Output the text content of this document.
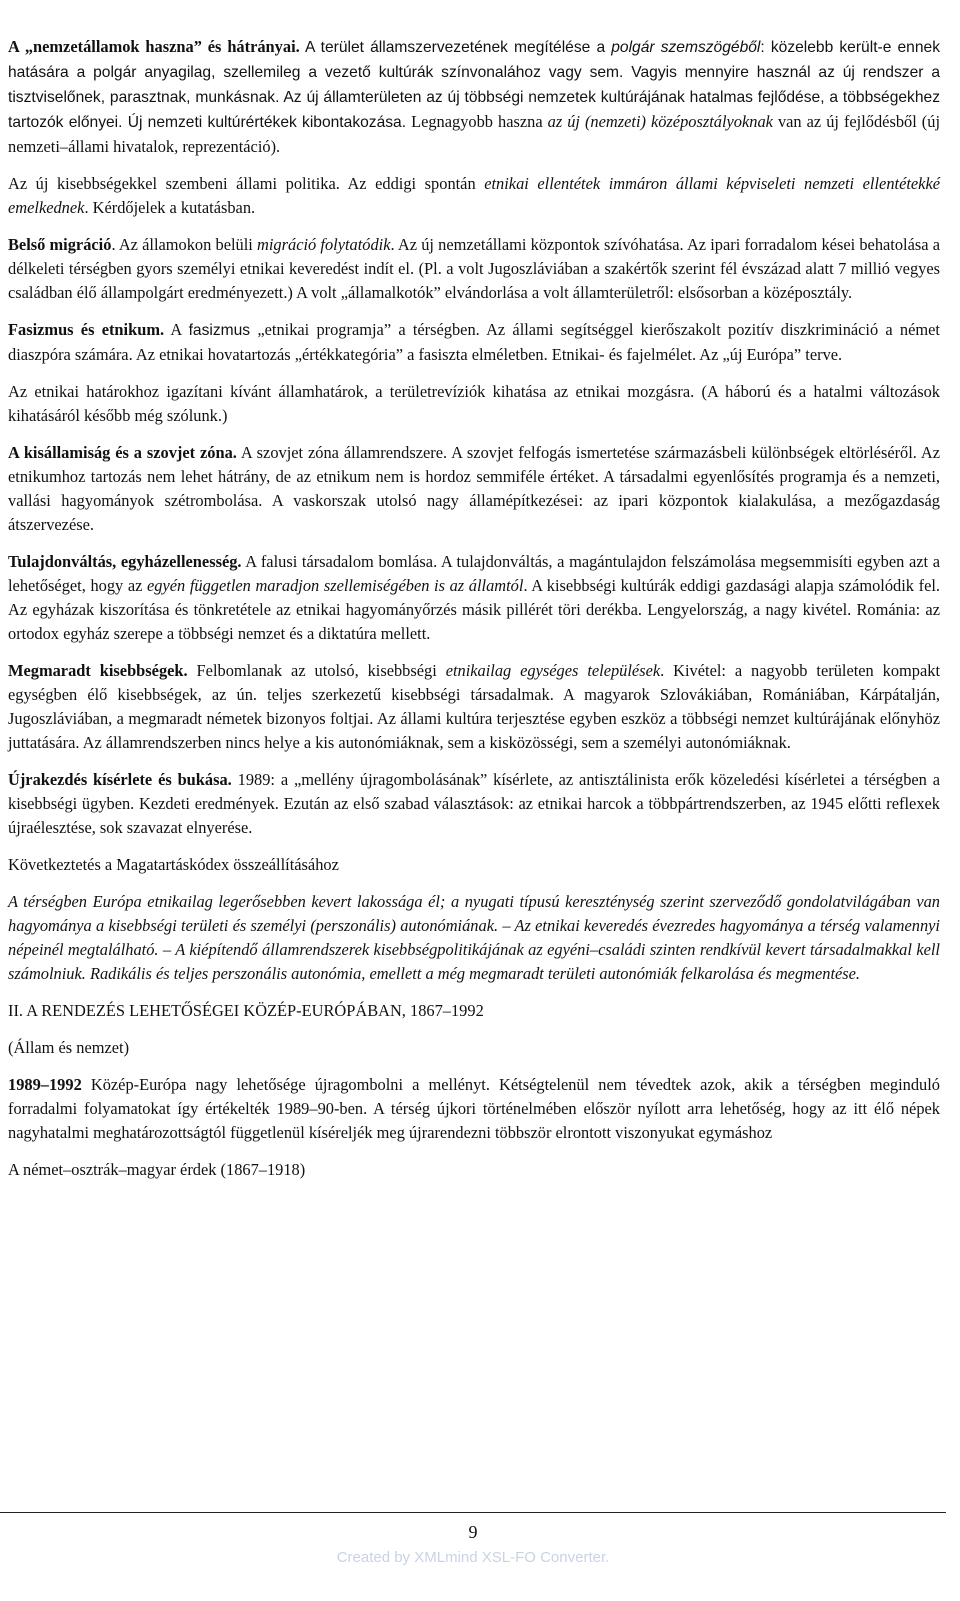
A „nemzetállamok haszna” és hátrányai. A terület államszervezetének megítélése a polgár szemszögéből: közelebb került-e ennek hatására a polgár anyagilag, szellemileg a vezető kultúrák színvonalához vagy sem. Vagyis mennyire használ az új rendszer a tisztviselőnek, parasztnak, munkásnak. Az új államterületen az új többségi nemzetek kultúrájának hatalmas fejlődése, a többségekhez tartozók előnyei. Új nemzeti kultúrértékek kibontakozása. Legnagyobb haszna az új (nemzeti) középosztályoknak van az új fejlődésből (új nemzeti–állami hivatalok, reprezentáció).

Az új kisebbségekkel szembeni állami politika. Az eddigi spontán etnikai ellentétek immáron állami képviseleti nemzeti ellentétekké emelkednek. Kérdőjelek a kutatásban.

Belső migráció. Az államokon belüli migráció folytatódik. Az új nemzetállami központok szívóhatása. Az ipari forradalom kései behatolása a délkeleti térségben gyors személyi etnikai keveredést indít el. (Pl. a volt Jugoszláviában a szakértők szerint fél évszázad alatt 7 millió vegyes családban élő állampolgárt eredményezett.) A volt „államalkotók” elvándorlása a volt államterületről: elsősorban a középosztály.

Fasizmus és etnikum. A fasizmus „etnikai programja” a térségben. Az állami segítséggel kierőszakolt pozitív diszkrimináció a német diaszpóra számára. Az etnikai hovatartozás „értékkategória” a fasiszta elméletben. Etnikai- és fajelmélet. Az „új Európa” terve.

Az etnikai határokhoz igazítani kívánt államhatárok, a területrevíziók kihatása az etnikai mozgásra. (A háború és a hatalmi változások kihatásáról később még szólunk.)

A kisállamiság és a szovjet zóna. A szovjet zóna államrendszere. A szovjet felfogás ismertetése származásbeli különbségek eltörléséről. Az etnikumhoz tartozás nem lehet hátrány, de az etnikum nem is hordoz semmiféle értéket. A társadalmi egyenlősítés programja és a nemzeti, vallási hagyományok szétrombolása. A vaskorszak utolsó nagy államépítkezései: az ipari központok kialakulása, a mezőgazdaság átszervezése.

Tulajdonváltás, egyházellenesség. A falusi társadalom bomlása. A tulajdonváltás, a magántulajdon felszámolása megsemmisíti egyben azt a lehetőséget, hogy az egyén független maradjon szellemiségében is az államtól. A kisebbségi kultúrák eddigi gazdasági alapja számolódik fel. Az egyházak kiszorítása és tönkretétele az etnikai hagyományőrzés másik pillérét töri derékba. Lengyelország, a nagy kivétel. Románia: az ortodox egyház szerepe a többségi nemzet és a diktatúra mellett.

Megmaradt kisebbségek. Felbomlanak az utolsó, kisebbségi etnikailag egységes települések. Kivétel: a nagyobb területen kompakt egységben élő kisebbségek, az ún. teljes szerkezetű kisebbségi társadalmak. A magyarok Szlovákiában, Romániában, Kárpátalján, Jugoszláviában, a megmaradt németek bizonyos foltjai. Az állami kultúra terjesztése egyben eszköz a többségi nemzet kultúrájának előnyhöz juttatására. Az államrendszerben nincs helye a kis autonómiáknak, sem a kisközösségi, sem a személyi autonómiáknak.

Újrakezdés kísérlete és bukása. 1989: a „mellény újragombolásának” kísérlete, az antisztálinista erők közeledési kísérletei a térségben a kisebbségi ügyben. Kezdeti eredmények. Ezután az első szabad választások: az etnikai harcok a többpártrendszerben, az 1945 előtti reflexek újraélesztése, sok szavazat elnyerése.

Következtetés a Magatartáskódex összeállításához

A térségben Európa etnikailag legerősebben kevert lakossága él; a nyugati típusú kereszténység szerint szerveződő gondolatvilágában van hagyománya a kisebbségi területi és személyi (perszonális) autonómiának. – Az etnikai keveredés évezredes hagyománya a térség valamennyi népeinél megtalálható. – A kiépítendő államrendszerek kisebbségpolitikájának az egyéni–családi szinten rendkívül kevert társadalmakkal kell számolniuk. Radikális és teljes perszonális autonómia, emellett a még megmaradt területi autonómiák felkarolása és megmentése.

II. A RENDEZÉS LEHETŐSÉGEI KÖZÉP-EURÓPÁBAN, 1867–1992

(Állam és nemzet)

1989–1992 Közép-Európa nagy lehetősége újragombolni a mellényt. Kétségtelenül nem tévedtek azok, akik a térségben meginduló forradalmi folyamatokat így értékelték 1989–90-ben. A térség újkori történelmében először nyílott arra lehetőség, hogy az itt élő népek nagyhatalmi meghatározottságtól függetlenül kíséreljék meg újrarendezni többször elrontott viszonyukat egymáshoz

A német–osztrák–magyar érdek (1867–1918)

9
Created by XMLmind XSL-FO Converter.
